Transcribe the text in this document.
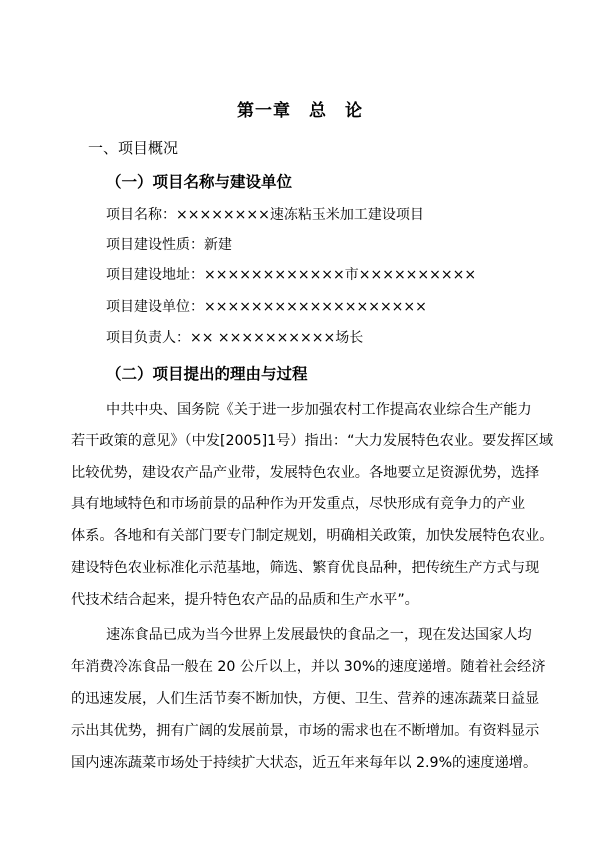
第一章　总　论
一、项目概况
（一）项目名称与建设单位
项目名称：××××××××速冻粘玉米加工建设项目
项目建设性质：新建
项目建设地址：××××××××××××市××××××××××
项目建设单位：×××××××××××××××××××
项目负责人：×× ××××××××××场长
（二）项目提出的理由与过程
中共中央、国务院《关于进一步加强农村工作提高农业综合生产能力
若干政策的意见》（中发[2005]1号）指出：“大力发展特色农业。要发挥区域
比较优势，建设农产品产业带，发展特色农业。各地要立足资源优势，选择
具有地域特色和市场前景的品种作为开发重点，尽快形成有竞争力的产业
体系。各地和有关部门要专门制定规划，明确相关政策，加快发展特色农业。
建设特色农业标准化示范基地，筛选、繁育优良品种，把传统生产方式与现
代技术结合起来，提升特色农产品的品质和生产水平”。
速冻食品已成为当今世界上发展最快的食品之一，现在发达国家人均
年消费冷冻食品一般在 20 公斤以上，并以 30%的速度递增。随着社会经济
的迅速发展，人们生活节奏不断加快，方便、卫生、营养的速冻蔬菜日益显
示出其优势，拥有广阔的发展前景，市场的需求也在不断增加。有资料显示
国内速冻蔬菜市场处于持续扩大状态，近五年来每年以 2.9%的速度递增。
